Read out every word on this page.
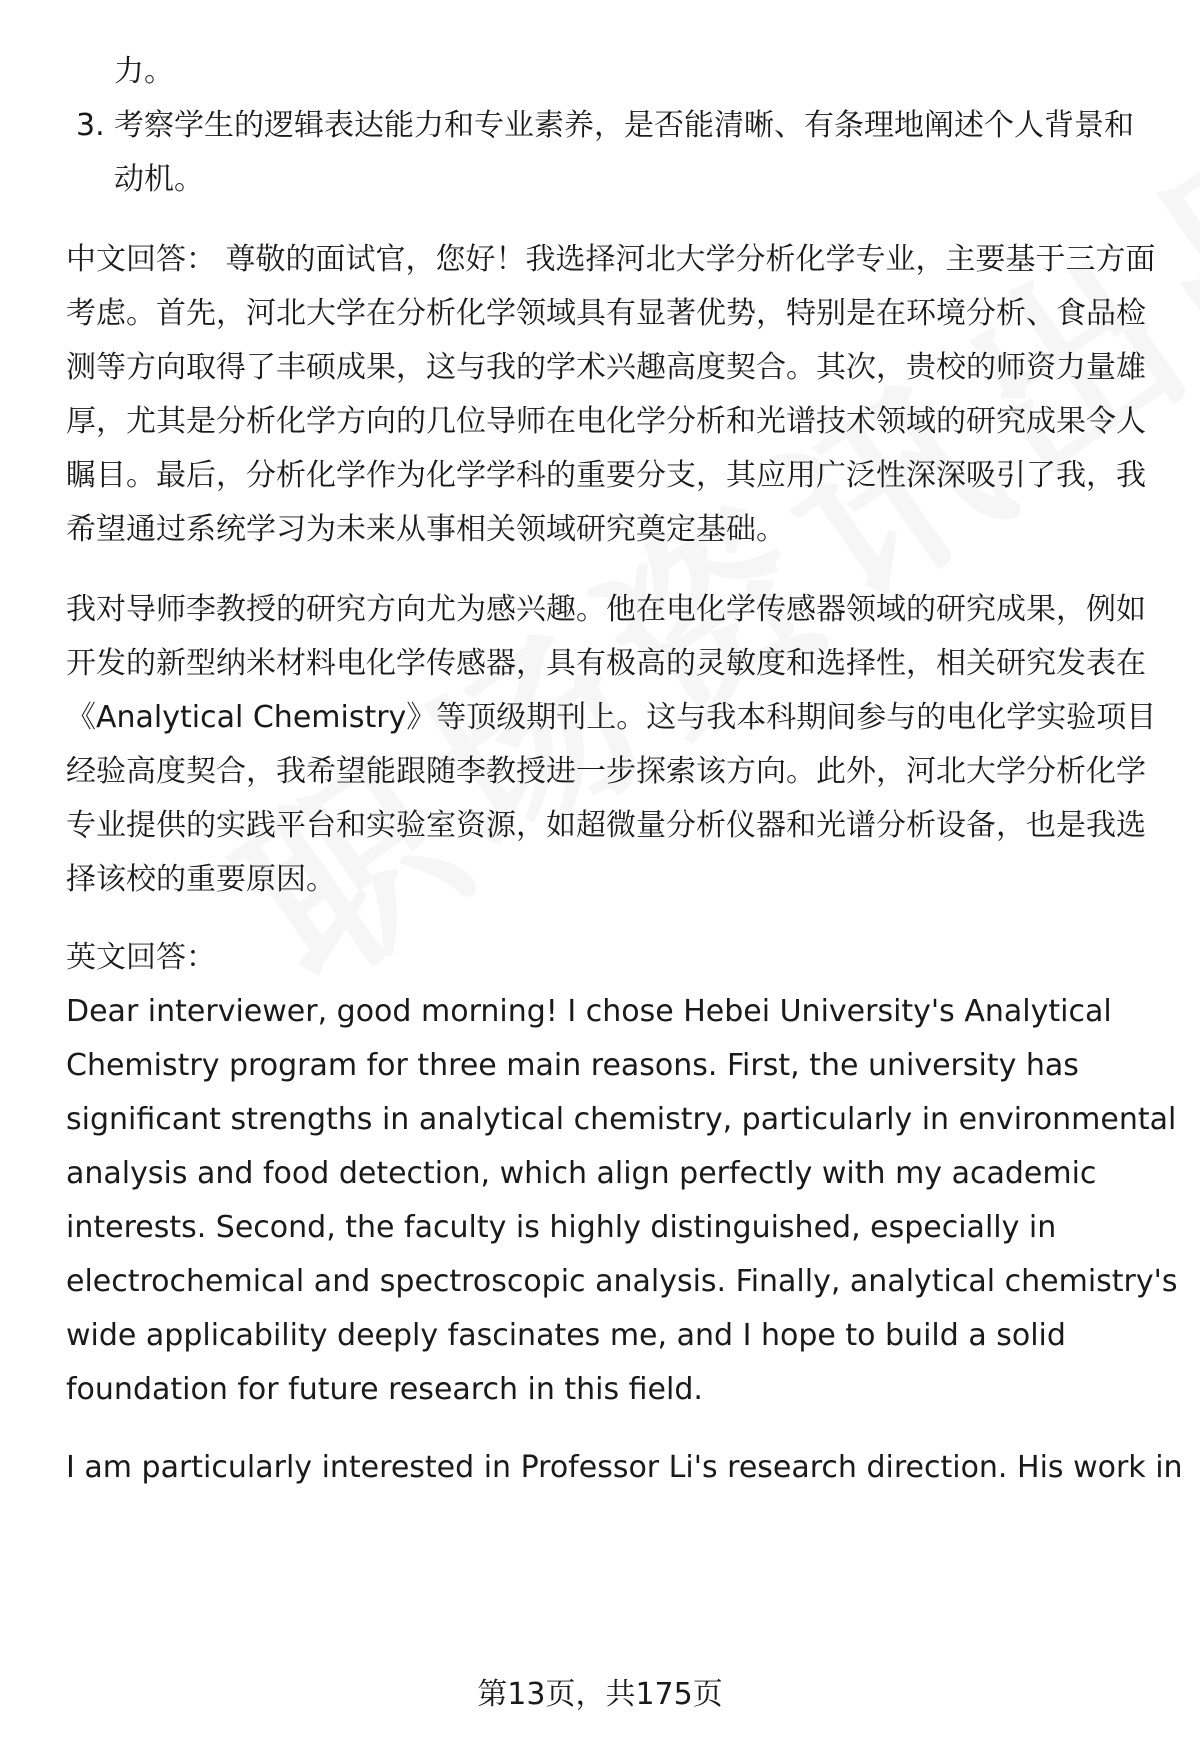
力。
3. 考察学生的逻辑表达能力和专业素养，是否能清晰、有条理地阐述个人背景和
动机。
中文回答： 尊敬的面试官，您好！我选择河北大学分析化学专业，主要基于三方面
考虑。首先，河北大学在分析化学领域具有显著优势，特别是在环境分析、食品检
测等方向取得了丰硕成果，这与我的学术兴趣高度契合。其次，贵校的师资力量雄
厚，尤其是分析化学方向的几位导师在电化学分析和光谱技术领域的研究成果令人
瞩目。最后，分析化学作为化学学科的重要分支，其应用广泛性深深吸引了我，我
希望通过系统学习为未来从事相关领域研究奠定基础。
我对导师李教授的研究方向尤为感兴趣。他在电化学传感器领域的研究成果，例如
开发的新型纳米材料电化学传感器，具有极高的灵敏度和选择性，相关研究发表在
《Analytical Chemistry》等顶级期刊上。这与我本科期间参与的电化学实验项目
经验高度契合，我希望能跟随李教授进一步探索该方向。此外，河北大学分析化学
专业提供的实践平台和实验室资源，如超微量分析仪器和光谱分析设备，也是我选
择该校的重要原因。
英文回答：
Dear interviewer, good morning! I chose Hebei University's Analytical
Chemistry program for three main reasons. First, the university has
significant strengths in analytical chemistry, particularly in environmental
analysis and food detection, which align perfectly with my academic
interests. Second, the faculty is highly distinguished, especially in
electrochemical and spectroscopic analysis. Finally, analytical chemistry's
wide applicability deeply fascinates me, and I hope to build a solid
foundation for future research in this field.
I am particularly interested in Professor Li's research direction. His work in
第13页，共175页
